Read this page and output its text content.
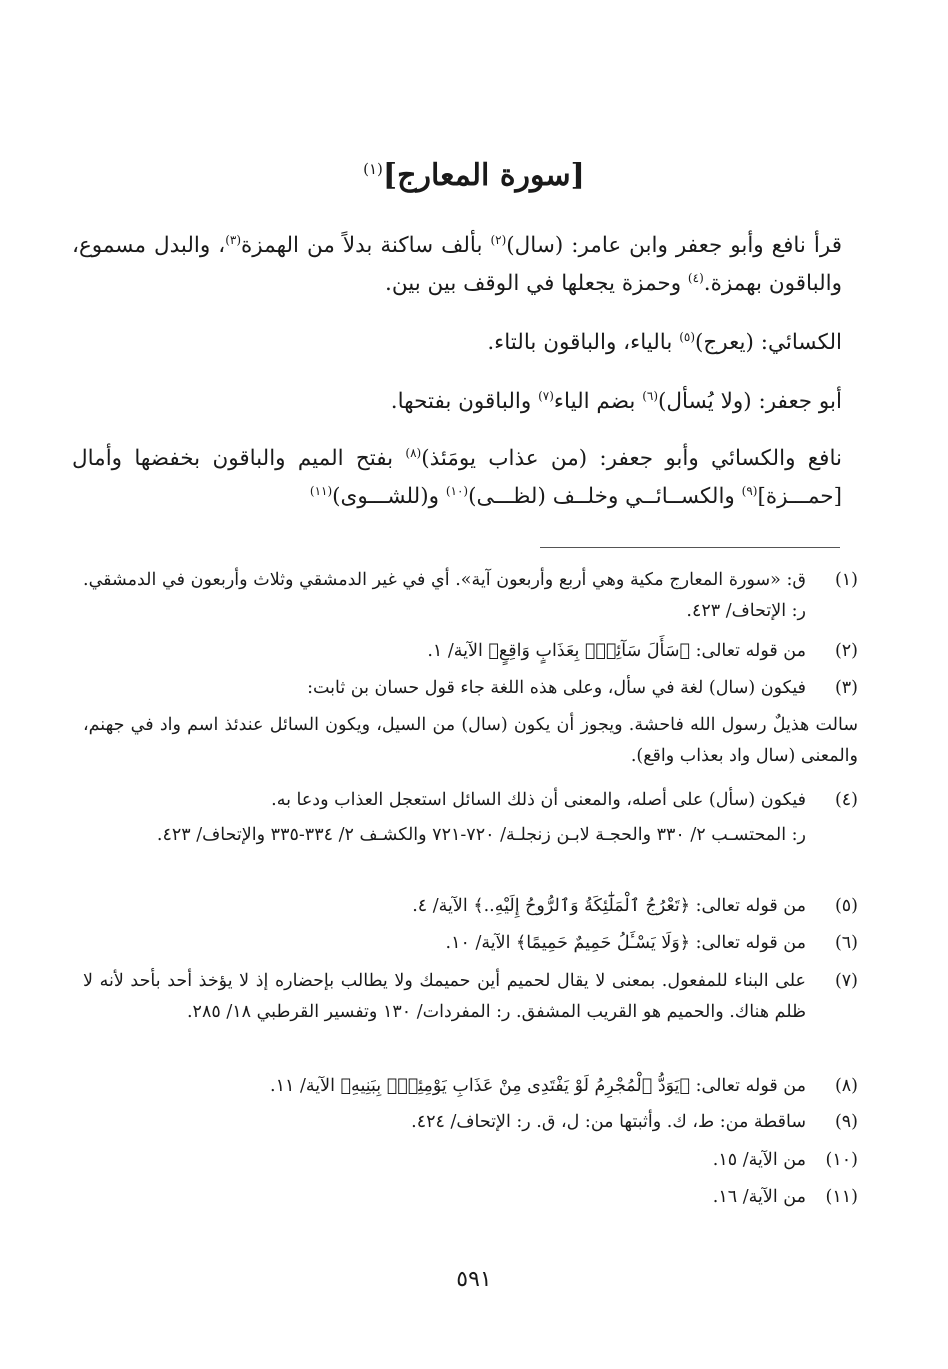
[سورة المعارج]$^{(١)}$

قرأ نافع وأبو جعفر وابن عامر: (سال)$^{(٢)}$ بألف ساكنة بدلاً من الهمزة$^{(٣)}$، والبدل مسموع، والباقون بهمزة.$^{(٤)}$ وحمزة يجعلها في الوقف بين بين.

الكسائي: (يعرج)$^{(٥)}$ بالياء، والباقون بالتاء.

أبو جعفر: (ولا يُسأل)$^{(٦)}$ بضم الياء$^{(٧)}$ والباقون بفتحها.

نافع والكسائي وأبو جعفر: (من عذاب يومَئذ)$^{(٨)}$ بفتح الميم والباقون بخفضها وأمال [حمـــزة]$^{(٩)}$ والكســائــي وخلــف (لظـــى)$^{(١٠)}$ و(للشـــوى)$^{(١١)}$

(١)

ق: «سورة المعارج مكية وهي أربع وأربعون آية». أي في غير الدمشقي وثلاث وأربعون في الدمشقي. ر: الإتحاف/ ٤٢٣.

(٢)

من قوله تعالى: ﴿سَأَلَ سَآئِلُۢ بِعَذَابٍ وَاقِعٍ﴾ الآية/ ١.

(٣)

فيكون (سال) لغة في سأل، وعلى هذه اللغة جاء قول حسان بن ثابت:

سالت هذيلٌ رسول الله فاحشة. ويجوز أن يكون (سال) من السيل، ويكون السائل عندئذ اسم واد في جهنم، والمعنى (سال واد بعذاب واقع).

(٤)

فيكون (سأل) على أصله، والمعنى أن ذلك السائل استعجل العذاب ودعا به.

ر: المحتسـب ٢/ ٣٣٠ والحجـة لابـن زنجلـة/ ٧٢٠-٧٢١ والكشـف ٢/ ٣٣٤-٣٣٥ والإتحاف/ ٤٢٣.

(٥)

من قوله تعالى: ﴿تَعْرُجُ ٱلْمَلَٰٓئِكَةُ وَٱلرُّوحُ إِلَيْهِ..﴾ الآية/ ٤.

(٦)

من قوله تعالى: ﴿وَلَا يَسْـَٔلُ حَمِيمٌ حَمِيمًا﴾ الآية/ ١٠.

(٧)

على البناء للمفعول. بمعنى لا يقال لحميم أين حميمك ولا يطالب بإحضاره إذ لا يؤخذ أحد بأحد لأنه لا ظلم هناك. والحميم هو القريب المشفق. ر: المفردات/ ١٣٠ وتفسير القرطبي ١٨/ ٢٨٥.

(٨)

من قوله تعالى: ﴿يَوَدُّ ٱلْمُجْرِمُ لَوْ يَفْتَدِى مِنْ عَذَابِ يَوْمِئِذٍۭ بِبَنِيهِ﴾ الآية/ ١١.

(٩)

ساقطة من: ط، ك. وأثبتها من: ل، ق. ر: الإتحاف/ ٤٢٤.

(١٠)

من الآية/ ١٥.

(١١)

من الآية/ ١٦.

٥٩١
